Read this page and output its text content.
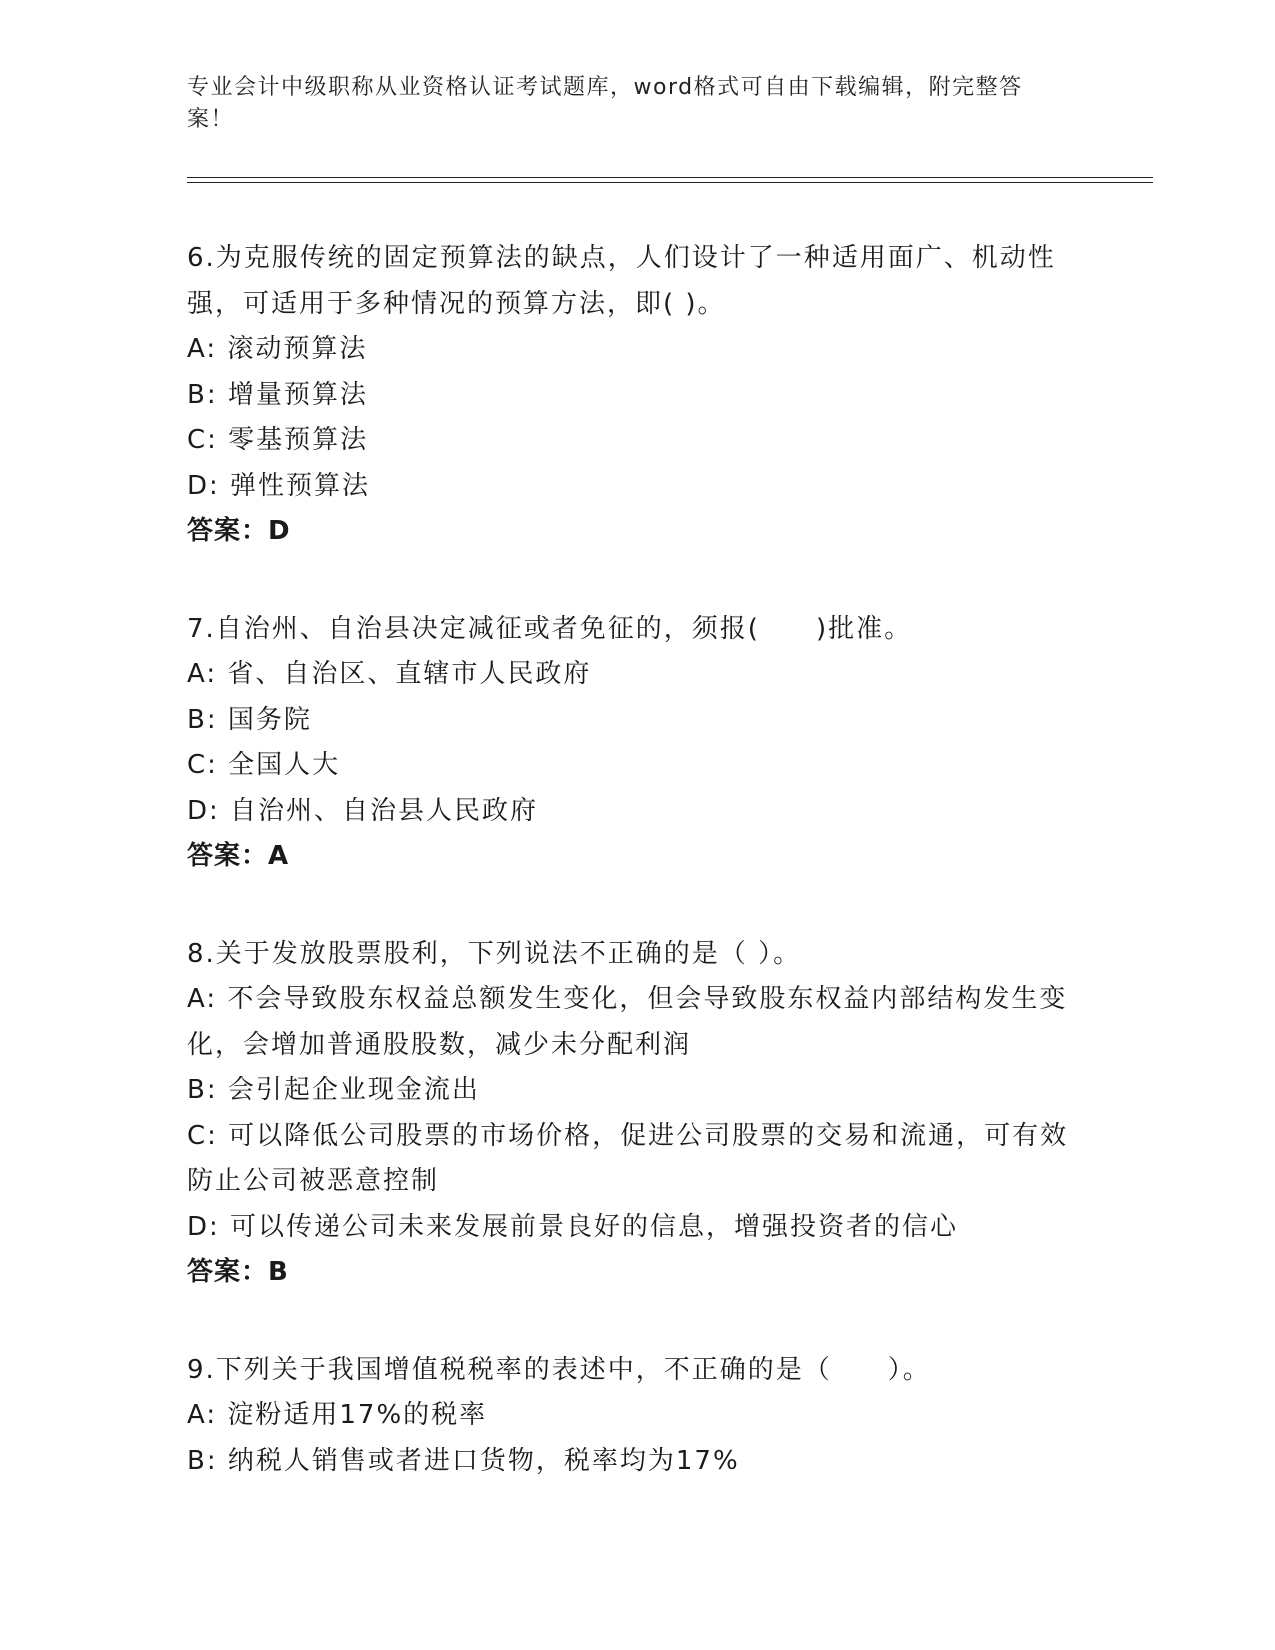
专业会计中级职称从业资格认证考试题库，word格式可自由下载编辑，附完整答案！
6.为克服传统的固定预算法的缺点，人们设计了一种适用面广、机动性强，可适用于多种情况的预算方法，即( )。
A: 滚动预算法
B: 增量预算法
C: 零基预算法
D: 弹性预算法
答案：D
7.自治州、自治县决定减征或者免征的，须报(　　)批准。
A: 省、自治区、直辖市人民政府
B: 国务院
C: 全国人大
D: 自治州、自治县人民政府
答案：A
8.关于发放股票股利，下列说法不正确的是（ ）。
A: 不会导致股东权益总额发生变化，但会导致股东权益内部结构发生变化，会增加普通股股数，减少未分配利润
B: 会引起企业现金流出
C: 可以降低公司股票的市场价格，促进公司股票的交易和流通，可有效防止公司被恶意控制
D: 可以传递公司未来发展前景良好的信息，增强投资者的信心
答案：B
9.下列关于我国增值税税率的表述中，不正确的是（　　）。
A: 淀粉适用17%的税率
B: 纳税人销售或者进口货物，税率均为17%
